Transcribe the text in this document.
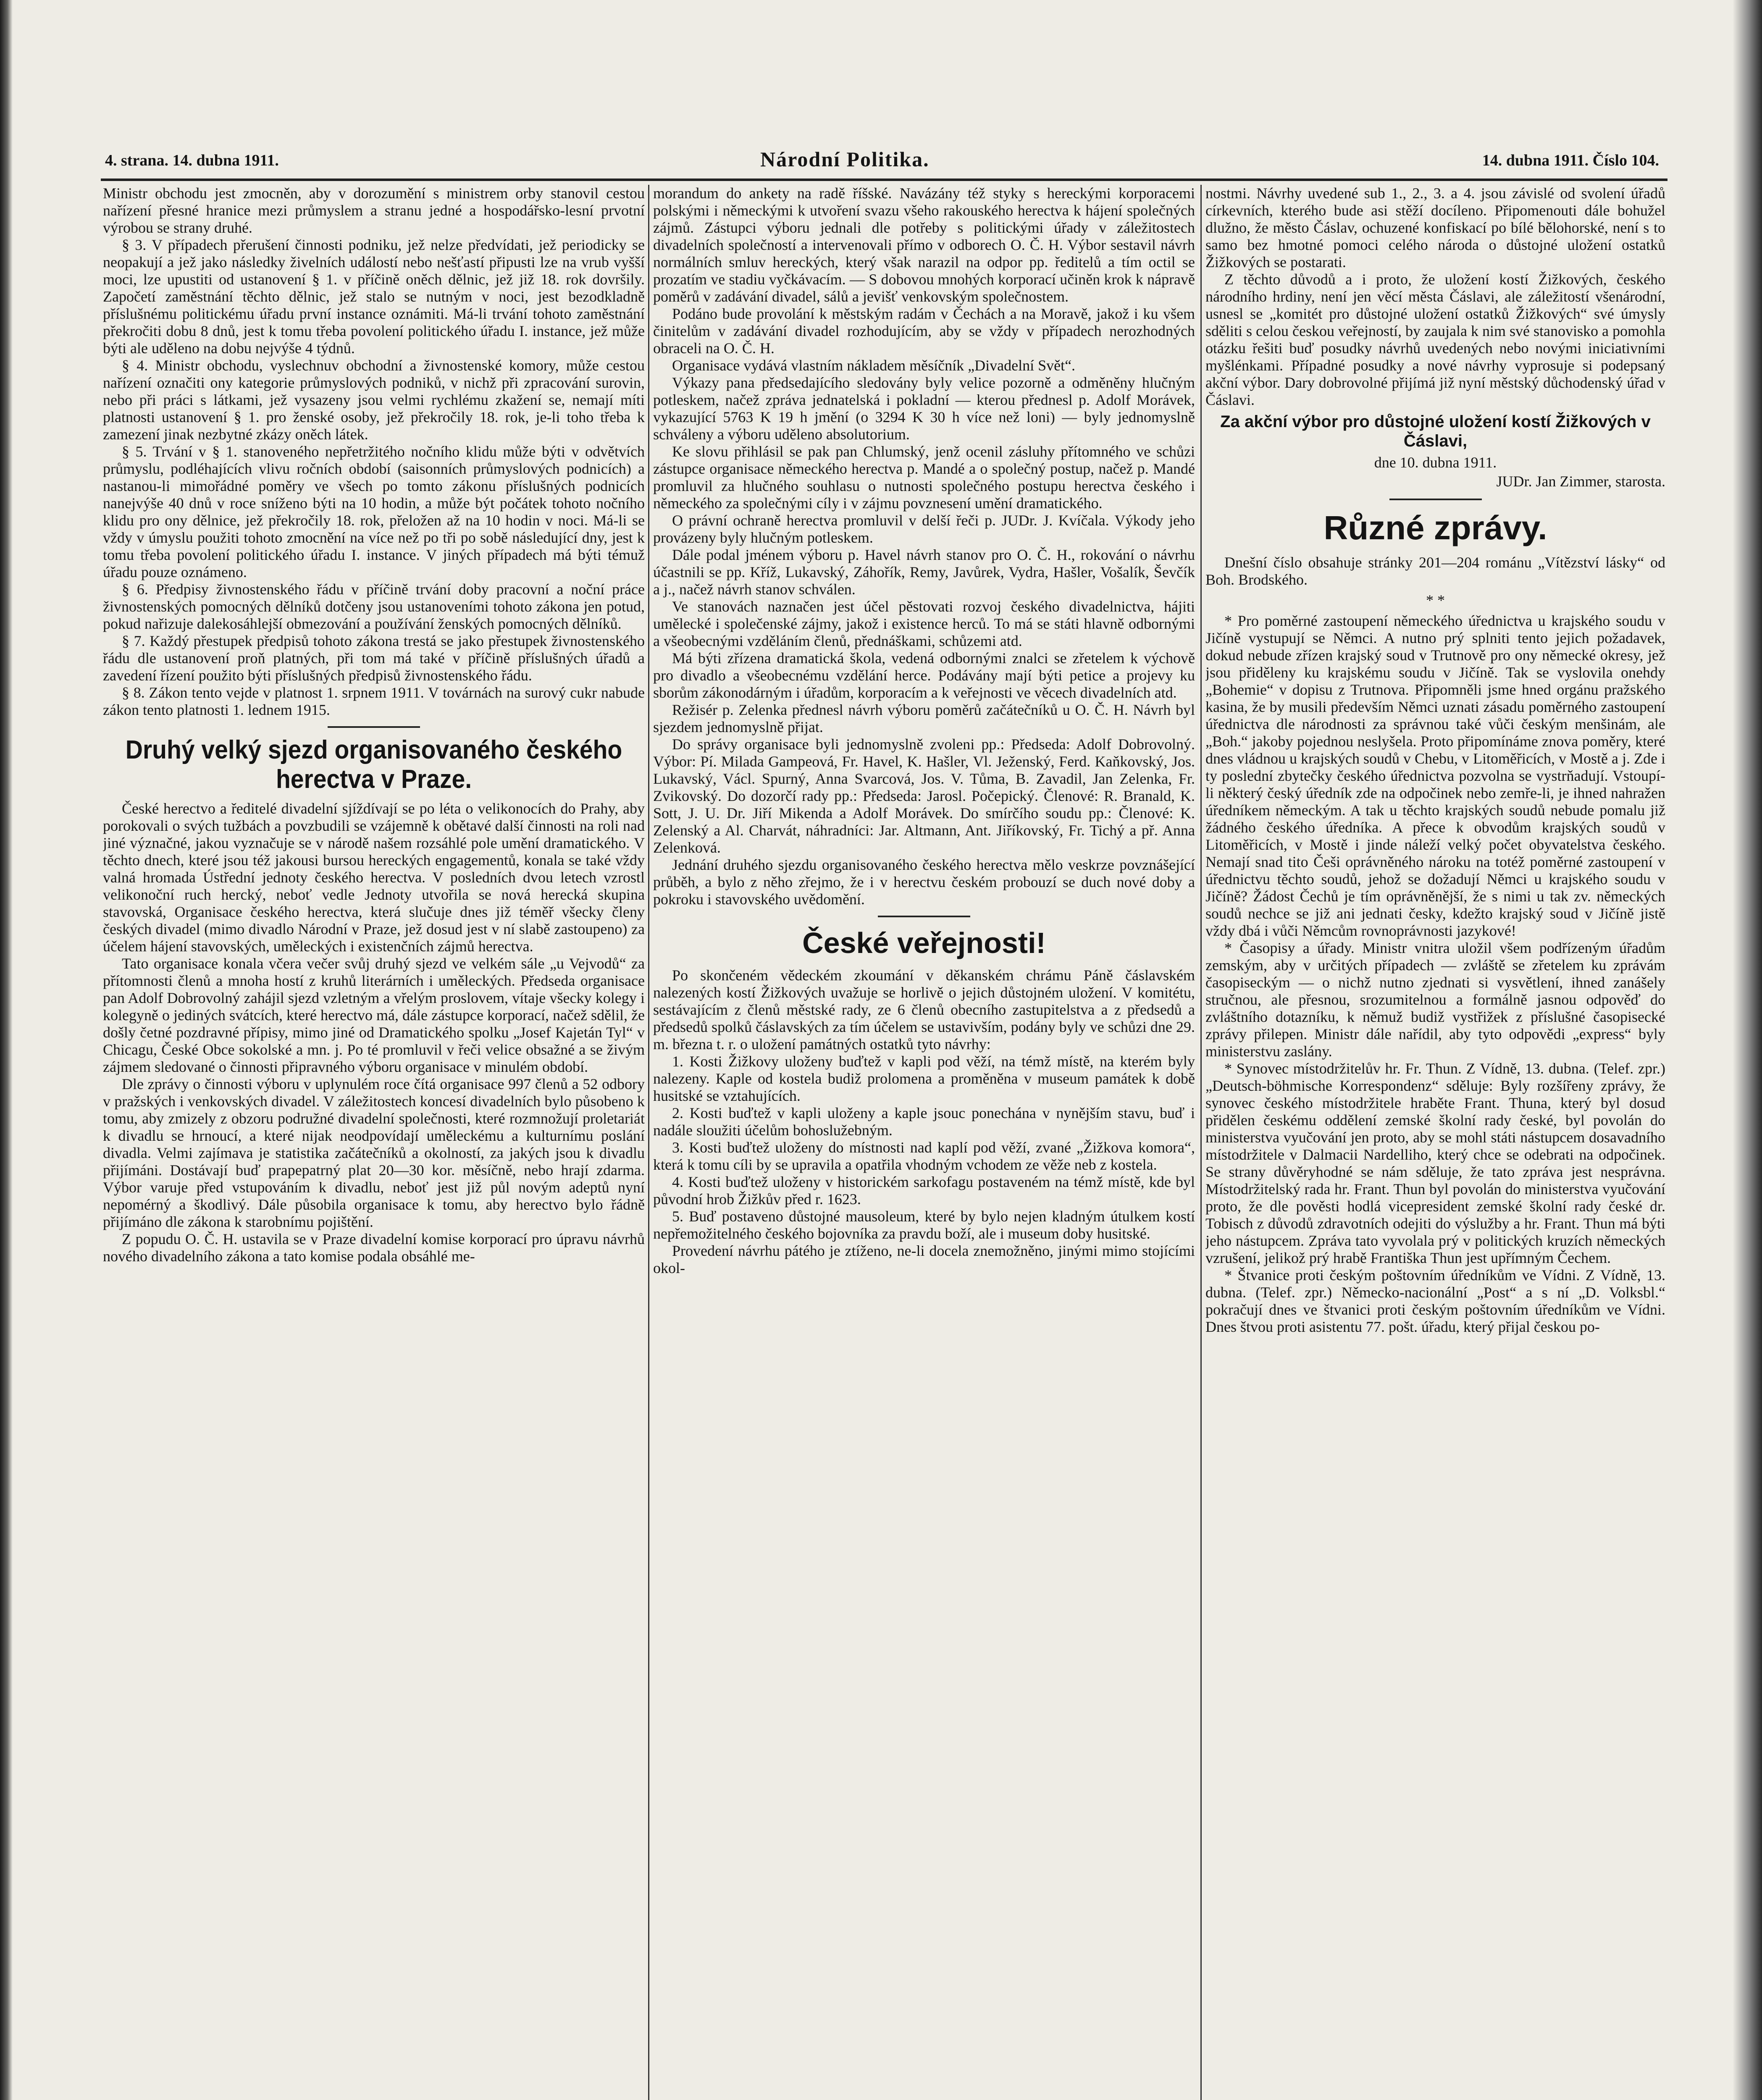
4. strana. 14. dubna 1911.	Národní Politika.	14. dubna 1911. Číslo 104.

Ministr obchodu jest zmocněn, aby v dorozumění s ministrem orby stanovil cestou nařízení přesné hranice mezi průmyslem a stranu jedné a hospodářsko-lesní prvotní výrobou se strany druhé.

§ 3. V případech přerušení činnosti podniku, jež nelze předvídati, jež periodicky se neopakují a jež jako následky živelních událostí nebo nešťastí připusti lze na vrub vyšší moci, lze upustiti od ustanovení § 1. v příčině oněch dělnic, jež již 18. rok dovršily. Započetí zaměstnání těchto dělnic, jež stalo se nutným v noci, jest bezodkladně příslušnému politickému úřadu první instance oznámiti. Má-li trvání tohoto zaměstnání překročiti dobu 8 dnů, jest k tomu třeba povolení politického úřadu I. instance, jež může býti ale uděleno na dobu nejvýše 4 týdnů.

§ 4. Ministr obchodu, vyslechnuv obchodní a živnostenské komory, může cestou nařízení označiti ony kategorie průmyslových podniků, v nichž při zpracování surovin, nebo při práci s látkami, jež vysazeny jsou velmi rychlému zkažení se, nemají míti platnosti ustanovení § 1. pro ženské osoby, jež překročily 18. rok, je-li toho třeba k zamezení jinak nezbytné zkázy oněch látek.

§ 5. Trvání v § 1. stanoveného nepřetržitého nočního klidu může býti v odvětvích průmyslu, podléhajících vlivu ročních období (saisonních průmyslových podnicích) a nastanou-li mimořádné poměry ve všech po tomto zákonu příslušných podnicích nanejvýše 40 dnů v roce sníženo býti na 10 hodin, a může být počátek tohoto nočního klidu pro ony dělnice, jež překročily 18. rok, přeložen až na 10 hodin v noci. Má-li se vždy v úmyslu použiti tohoto zmocnění na více než po tři po sobě následující dny, jest k tomu třeba povolení politického úřadu I. instance. V jiných případech má býti témuž úřadu pouze oznámeno.

§ 6. Předpisy živnostenského řádu v příčině trvání doby pracovní a noční práce živnostenských pomocných dělníků dotčeny jsou ustanoveními tohoto zákona jen potud, pokud nařizuje dalekosáhlejší obmezování a používání ženských pomocných dělníků.

§ 7. Každý přestupek předpisů tohoto zákona trestá se jako přestupek živnostenského řádu dle ustanovení proň platných, při tom má také v příčině příslušných úřadů a zavedení řízení použito býti příslušných předpisů živnostenského řádu.

§ 8. Zákon tento vejde v platnost 1. srpnem 1911. V továrnách na surový cukr nabude zákon tento platnosti 1. lednem 1915.

Druhý velký sjezd organisovaného českého herectva v Praze.

České herectvo a ředitelé divadelní sjíždívají se po léta o velikonocích do Prahy, aby porokovali o svých tužbách a povzbudili se vzájemně k obětavé další činnosti na roli nad jiné význačné, jakou vyznačuje se v národě našem rozsáhlé pole umění dramatického. V těchto dnech, které jsou též jakousi bursou hereckých engagementů, konala se také vždy valná hromada Ústřední jednoty českého herectva. V posledních dvou letech vzrostl velikonoční ruch hercký, neboť vedle Jednoty utvořila se nová herecká skupina stavovská, Organisace českého herectva, která slučuje dnes již téměř všecky členy českých divadel (mimo divadlo Národní v Praze, jež dosud jest v ní slabě zastoupeno) za účelem hájení stavovských, uměleckých i existenčních zájmů herectva.

Tato organisace konala včera večer svůj druhý sjezd ve velkém sále „u Vejvodů“ za přítomnosti členů a mnoha hostí z kruhů literárních i uměleckých. Předseda organisace pan Adolf Dobrovolný zahájil sjezd vzletným a vřelým proslovem, vítaje všecky kolegy i kolegyně o jediných svátcích, které herectvo má, dále zástupce korporací, načež sdělil, že došly četné pozdravné přípisy, mimo jiné od Dramatického spolku „Josef Kajetán Tyl“ v Chicagu, České Obce sokolské a mn. j. Po té promluvil v řeči velice obsažné a se živým zájmem sledované o činnosti připravného výboru organisace v minulém období.

Dle zprávy o činnosti výboru v uplynulém roce čítá organisace 997 členů a 52 odbory v pražských i venkovských divadel. V záležitostech koncesí divadelních bylo působeno k tomu, aby zmizely z obzoru podružné divadelní společnosti, které rozmnožují proletariát k divadlu se hrnoucí, a které nijak neodpovídají uměleckému a kulturnímu poslání divadla. Velmi zajímava je statistika začátečníků a okolností, za jakých jsou k divadlu přijímáni. Dostávají buď prapepatrný plat 20—30 kor. měsíčně, nebo hrají zdarma. Výbor varuje před vstupováním k divadlu, neboť jest již půl novým adeptů nyní nepomérný a škodlivý. Dále působila organisace k tomu, aby herectvo bylo řádně přijímáno dle zákona k starobnímu pojištění.

Z popudu O. Č. H. ustavila se v Praze divadelní komise korporací pro úpravu návrhů nového divadelního zákona a tato komise podala obsáhlé me-

morandum do ankety na radě říšské. Navázány též styky s hereckými korporacemi polskými i německými k utvoření svazu všeho rakouského herectva k hájení společných zájmů. Zástupci výboru jednali dle potřeby s politickými úřady v záležitostech divadelních společností a intervenovali přímo v odborech O. Č. H. Výbor sestavil návrh normálních smluv hereckých, který však narazil na odpor pp. ředitelů a tím octil se prozatím ve stadiu vyčkávacím. — S dobovou mnohých korporací učiněn krok k nápravě poměrů v zadávání divadel, sálů a jevišť venkovským společnostem.

Podáno bude provolání k městským radám v Čechách a na Moravě, jakož i ku všem činitelům v zadávání divadel rozhodujícím, aby se vždy v případech nerozhodných obraceli na O. Č. H.

Organisace vydává vlastním nákladem měsíčník „Divadelní Svět“.

Výkazy pana předsedajícího sledovány byly velice pozorně a odměněny hlučným potleskem, načež zpráva jednatelská i pokladní — kterou přednesl p. Adolf Morávek, vykazující 5763 K 19 h jmění (o 3294 K 30 h více než loni) — byly jednomyslně schváleny a výboru uděleno absolutorium.

Ke slovu přihlásil se pak pan Chlumský, jenž ocenil zásluhy přítomného ve schůzi zástupce organisace německého herectva p. Mandé a o společný postup, načež p. Mandé promluvil za hlučného souhlasu o nutnosti společného postupu herectva českého i německého za společnými cíly i v zájmu povznesení umění dramatického.

O právní ochraně herectva promluvil v delší řeči p. JUDr. J. Kvíčala. Výkody jeho provázeny byly hlučným potleskem.

Dále podal jménem výboru p. Havel návrh stanov pro O. Č. H., rokování o návrhu účastnili se pp. Kříž, Lukavský, Záhořík, Remy, Javůrek, Vydra, Hašler, Vošalík, Ševčík a j., načež návrh stanov schválen.

Ve stanovách naznačen jest účel pěstovati rozvoj českého divadelnictva, hájiti umělecké i společenské zájmy, jakož i existence herců. To má se státi hlavně odbornými a všeobecnými vzděláním členů, přednáškami, schůzemi atd.

Má býti zřízena dramatická škola, vedená odbornými znalci se zřetelem k výchově pro divadlo a všeobecnému vzdělání herce. Podávány mají býti petice a projevy ku sborům zákonodárným i úřadům, korporacím a k veřejnosti ve věcech divadelních atd.

Režisér p. Zelenka přednesl návrh výboru poměrů začátečníků u O. Č. H. Návrh byl sjezdem jednomyslně přijat.

Do správy organisace byli jednomyslně zvoleni pp.: Předseda: Adolf Dobrovolný. Výbor: Pí. Milada Gampeová, Fr. Havel, K. Hašler, Vl. Ježenský, Ferd. Kaňkovský, Jos. Lukavský, Václ. Spurný, Anna Svarcová, Jos. V. Tůma, B. Zavadil, Jan Zelenka, Fr. Zvikovský. Do dozorčí rady pp.: Předseda: Jarosl. Počepický. Členové: R. Branald, K. Sott, J. U. Dr. Jiří Mikenda a Adolf Morávek. Do smírčího soudu pp.: Členové: K. Zelenský a Al. Charvát, náhradníci: Jar. Altmann, Ant. Jiříkovský, Fr. Tichý a př. Anna Zelenková.

Jednání druhého sjezdu organisovaného českého herectva mělo veskrze povznášející průběh, a bylo z něho zřejmo, že i v herectvu českém probouzí se duch nové doby a pokroku i stavovského uvědomění.

České veřejnosti!

Po skončeném vědeckém zkoumání v děkanském chrámu Páně čáslavském nalezených kostí Žižkových uvažuje se horlivě o jejich důstojném uložení. V komitétu, sestávajícím z členů městské rady, ze 6 členů obecního zastupitelstva a z předsedů a předsedů spolků čáslavských za tím účelem se ustavivším, podány byly ve schůzi dne 29. m. března t. r. o uložení památných ostatků tyto návrhy:

1. Kosti Žižkovy uloženy buďtež v kapli pod věží, na témž místě, na kterém byly nalezeny. Kaple od kostela budiž prolomena a proměněna v museum památek k době husitské se vztahujících.

2. Kosti buďtež v kapli uloženy a kaple jsouc ponechána v nynějším stavu, buď i nadále sloužiti účelům bohoslužebným.

3. Kosti buďtež uloženy do místnosti nad kaplí pod věží, zvané „Žižkova komora“, která k tomu cíli by se upravila a opatřila vhodným vchodem ze věže neb z kostela.

4. Kosti buďtež uloženy v historickém sarkofagu postaveném na témž místě, kde byl původní hrob Žižkův před r. 1623.

5. Buď postaveno důstojné mausoleum, které by bylo nejen kladným útulkem kostí nepřemožitelného českého bojovníka za pravdu boží, ale i museum doby husitské.

Provedení návrhu pátého je ztíženo, ne-li docela znemožněno, jinými mimo stojícími okol-

nostmi. Návrhy uvedené sub 1., 2., 3. a 4. jsou závislé od svolení úřadů církevních, kterého bude asi stěží docíleno. Připomenouti dále bohužel dlužno, že město Čáslav, ochuzené konfiskací po bílé bělohorské, není s to samo bez hmotné pomoci celého národa o důstojné uložení ostatků Žižkových se postarati.

Z těchto důvodů a i proto, že uložení kostí Žižkových, českého národního hrdiny, není jen věcí města Čáslavi, ale záležitostí všenárodní, usnesl se „komitét pro důstojné uložení ostatků Žižkových“ své úmysly sděliti s celou českou veřejností, by zaujala k nim své stanovisko a pomohla otázku řešiti buď posudky návrhů uvedených nebo novými iniciativními myšlénkami. Případné posudky a nové návrhy vyprosuje si podepsaný akční výbor. Dary dobrovolné přijímá již nyní městský důchodenský úřad v Čáslavi.

Za akční výbor pro důstojné uložení kostí Žižkových v Čáslavi,
dne 10. dubna 1911.
JUDr. Jan Zimmer, starosta.
Různé zprávy.

Dnešní číslo obsahuje stránky 201—204 románu „Vítězství lásky“ od Boh. Brodského.

* *

* Pro poměrné zastoupení německého úřednictva u krajského soudu v Jičíně vystupují se Němci. A nutno prý splniti tento jejich požadavek, dokud nebude zřízen krajský soud v Trutnově pro ony německé okresy, jež jsou přiděleny ku krajskému soudu v Jičíně. Tak se vyslovila onehdy „Bohemie“ v dopisu z Trutnova. Připomněli jsme hned orgánu pražského kasina, že by musili především Němci uznati zásadu poměrného zastoupení úřednictva dle národnosti za správnou také vůči českým menšinám, ale „Boh.“ jakoby pojednou neslyšela. Proto připomínáme znova poměry, které dnes vládnou u krajských soudů v Chebu, v Litoměřicích, v Mostě a j. Zde i ty poslední zbytečky českého úřednictva pozvolna se vystrňadují. Vstoupí-li některý český úředník zde na odpočinek nebo zemře-li, je ihned nahražen úředníkem německým. A tak u těchto krajských soudů nebude pomalu již žádného českého úředníka. A přece k obvodům krajských soudů v Litoměřicích, v Mostě i jinde náleží velký počet obyvatelstva českého. Nemají snad tito Češi oprávněného nároku na totéž poměrné zastoupení v úřednictvu těchto soudů, jehož se dožadují Němci u krajského soudu v Jičíně? Žádost Čechů je tím oprávněnější, že s nimi u tak zv. německých soudů nechce se již ani jednati česky, kdežto krajský soud v Jičíně jistě vždy dbá i vůči Němcům rovnoprávnosti jazykové!

* Časopisy a úřady. Ministr vnitra uložil všem podřízeným úřadům zemským, aby v určitých případech — zvláště se zřetelem ku zprávám časopiseckým — o nichž nutno zjednati si vysvětlení, ihned zanášely stručnou, ale přesnou, srozumitelnou a formálně jasnou odpověď do zvláštního dotazníku, k němuž budiž vystřižek z příslušné časopisecké zprávy přilepen. Ministr dále nařídil, aby tyto odpovědi „express“ byly ministerstvu zaslány.

* Synovec místodržitelův hr. Fr. Thun. Z Vídně, 13. dubna. (Telef. zpr.) „Deutsch-böhmische Korrespondenz“ sděluje: Byly rozšířeny zprávy, že synovec českého místodržitele hraběte Frant. Thuna, který byl dosud přidělen českému oddělení zemské školní rady české, byl povolán do ministerstva vyučování jen proto, aby se mohl státi nástupcem dosavadního místodržitele v Dalmacii Nardelliho, který chce se odebrati na odpočinek. Se strany důvěryhodné se nám sděluje, že tato zpráva jest nesprávna. Místodržitelský rada hr. Frant. Thun byl povolán do ministerstva vyučování proto, že dle pověsti hodlá vicepresident zemské školní rady české dr. Tobisch z důvodů zdravotních odejiti do výslužby a hr. Frant. Thun má býti jeho nástupcem. Zpráva tato vyvolala prý v politických kruzích německých vzrušení, jelikož prý hrabě Františka Thun jest upřímným Čechem.

* Štvanice proti českým poštovním úředníkům ve Vídni. Z Vídně, 13. dubna. (Telef. zpr.) Německo-nacionální „Post“ a s ní „D. Volksbl.“ pokračují dnes ve štvanici proti českým poštovním úředníkům ve Vídni. Dnes štvou proti asistentu 77. pošt. úřadu, který přijal českou po-
